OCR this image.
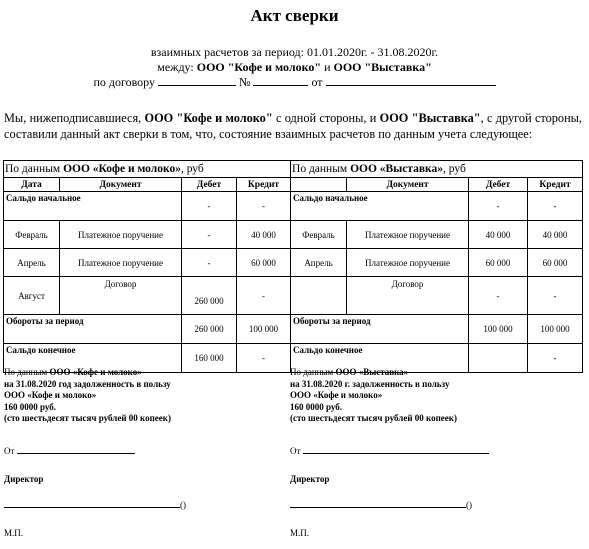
Акт сверки
взаимных расчетов за период: 01.01.2020г. - 31.08.2020г.
между: ООО "Кофе и молоко" и ООО "Выставка"
по договору	№	от
Мы, нижеподписавшиеся, ООО "Кофе и молоко" с одной стороны, и ООО "Выставка", с другой стороны, составили данный акт сверки в том, что, состояние взаимных расчетов по данным учета следующее:
По данным ООО «Кофе и молоко», руб				По данным ООО «Выставка», руб			
Дата	Документ	Дебет	Кредит		Документ	Дебет	Кредит
Сальдо начальное		-	-	Сальдо начальное		-	-
Февраль	Платежное поручение	-	40 000	Февраль	Платежное поручение	40 000	40 000
Апрель	Платежное поручение	-	60 000	Апрель	Платежное поручение	60 000	60 000
Август	Договор	260 000	-		Договор	-	-
Обороты за период		260 000	100 000	Обороты за период		100 000	100 000
Сальдо конечное		160 000	-	Сальдо конечное			-
По данным ООО «Кофе и молоко»
на 31.08.2020 год задолженность в пользу
ООО «Кофе и молоко»
160 0000 руб.
(сто шестьдесят тысяч рублей 00 копеек)
По данным ООО «Выставка»
на 31.08.2020 г. задолженность в пользу
ООО «Кофе и молоко»
160 0000 руб.
(сто шестьдесят тысяч рублей 00 копеек)
От
Директор
()
М.П.
От
Директор
()
М.П.
